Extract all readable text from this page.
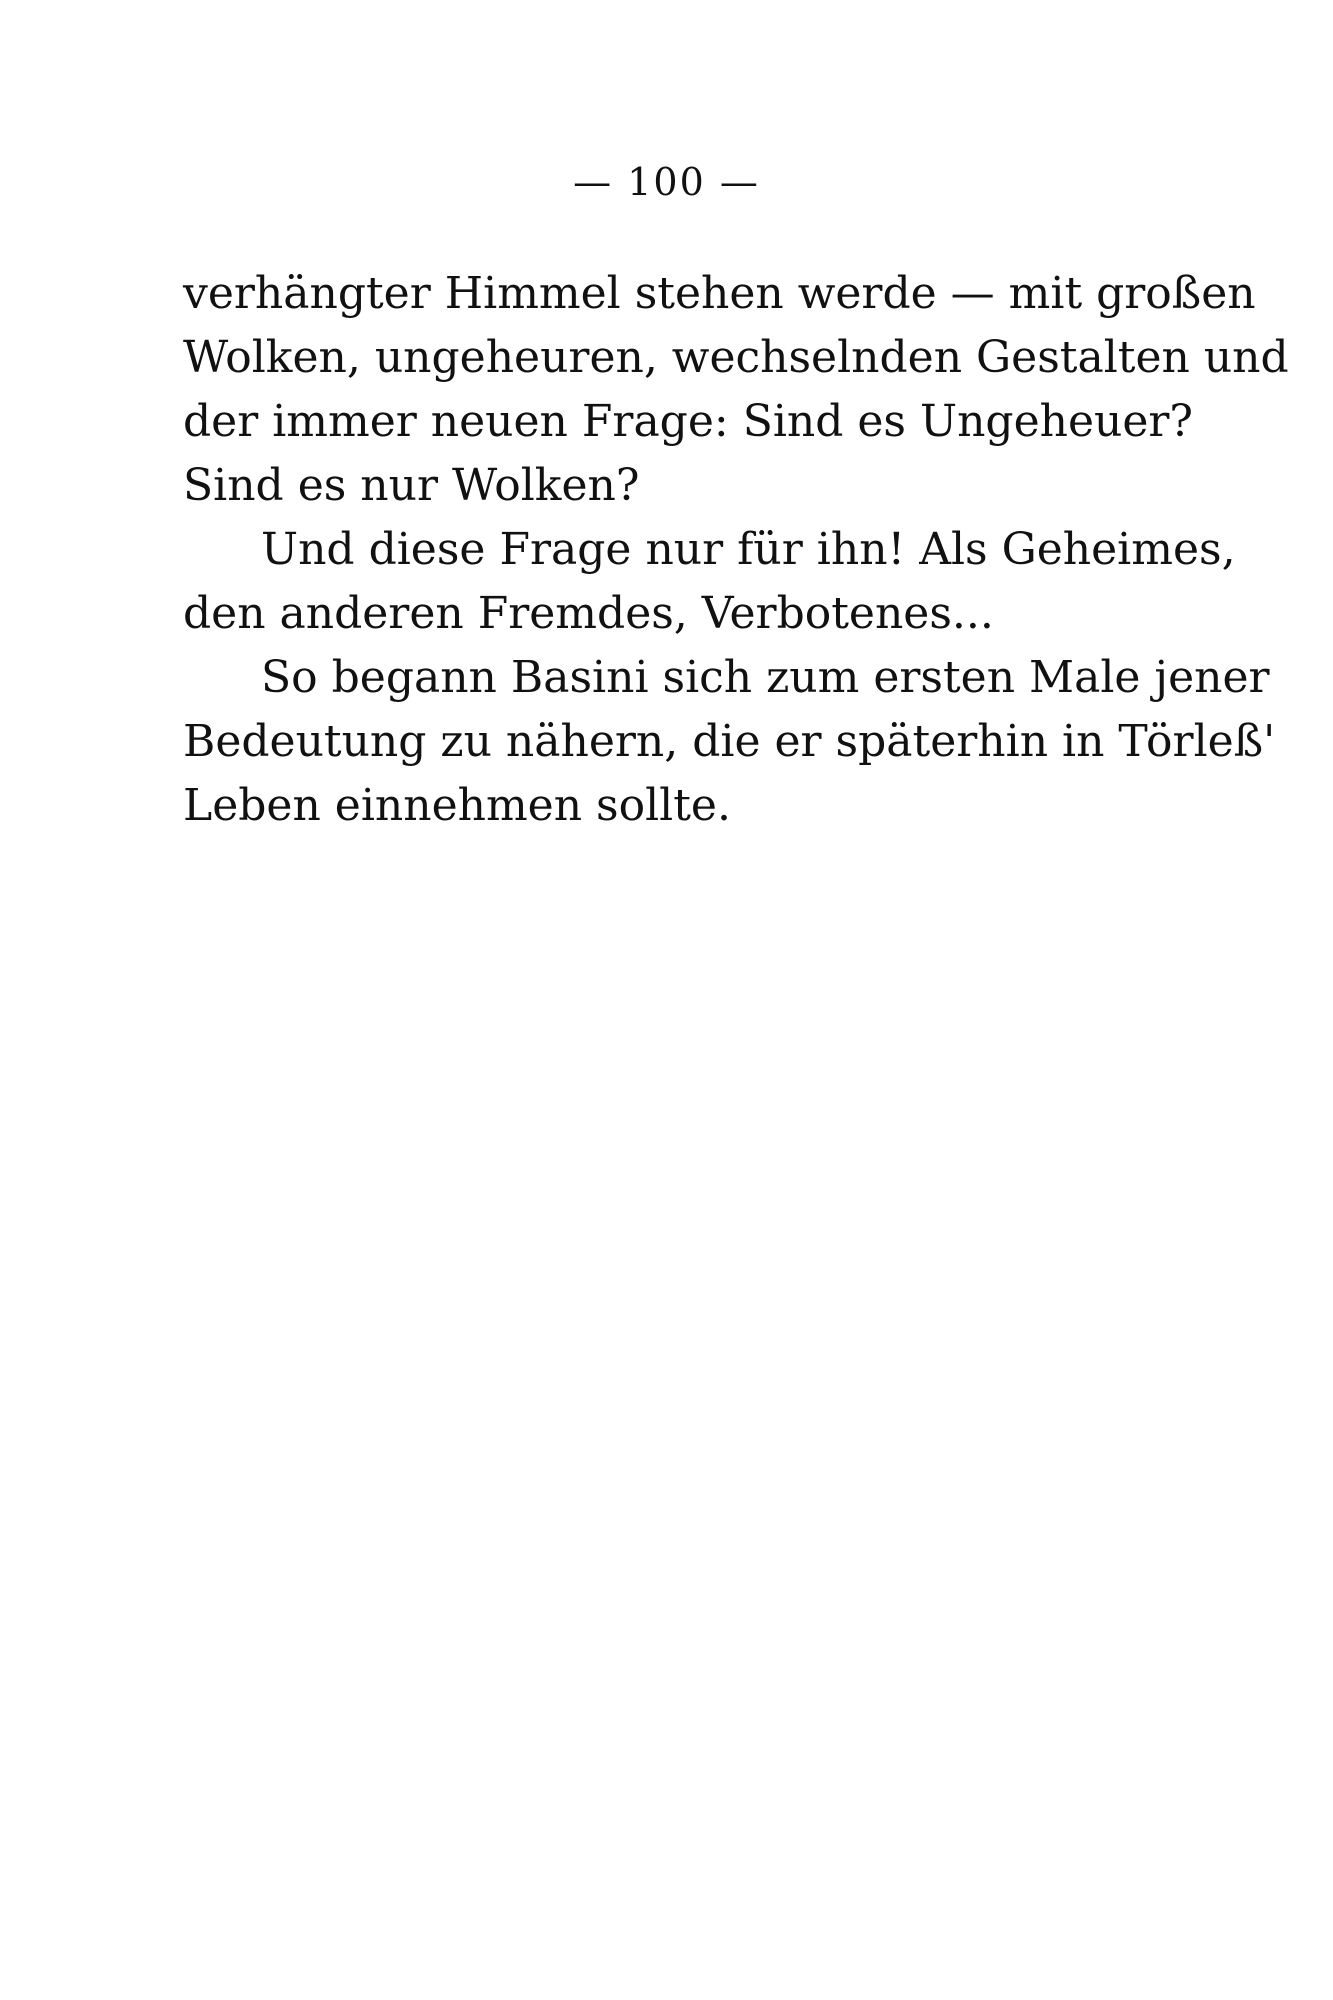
— 100 —
verhängter Himmel stehen werde — mit großen
Wolken, ungeheuren, wechselnden Gestalten und
der immer neuen Frage: Sind es Ungeheuer?
Sind es nur Wolken?
Und diese Frage nur für ihn! Als Geheimes,
den anderen Fremdes, Verbotenes...
So begann Basini sich zum ersten Male jener
Bedeutung zu nähern, die er späterhin in Törleß'
Leben einnehmen sollte.
